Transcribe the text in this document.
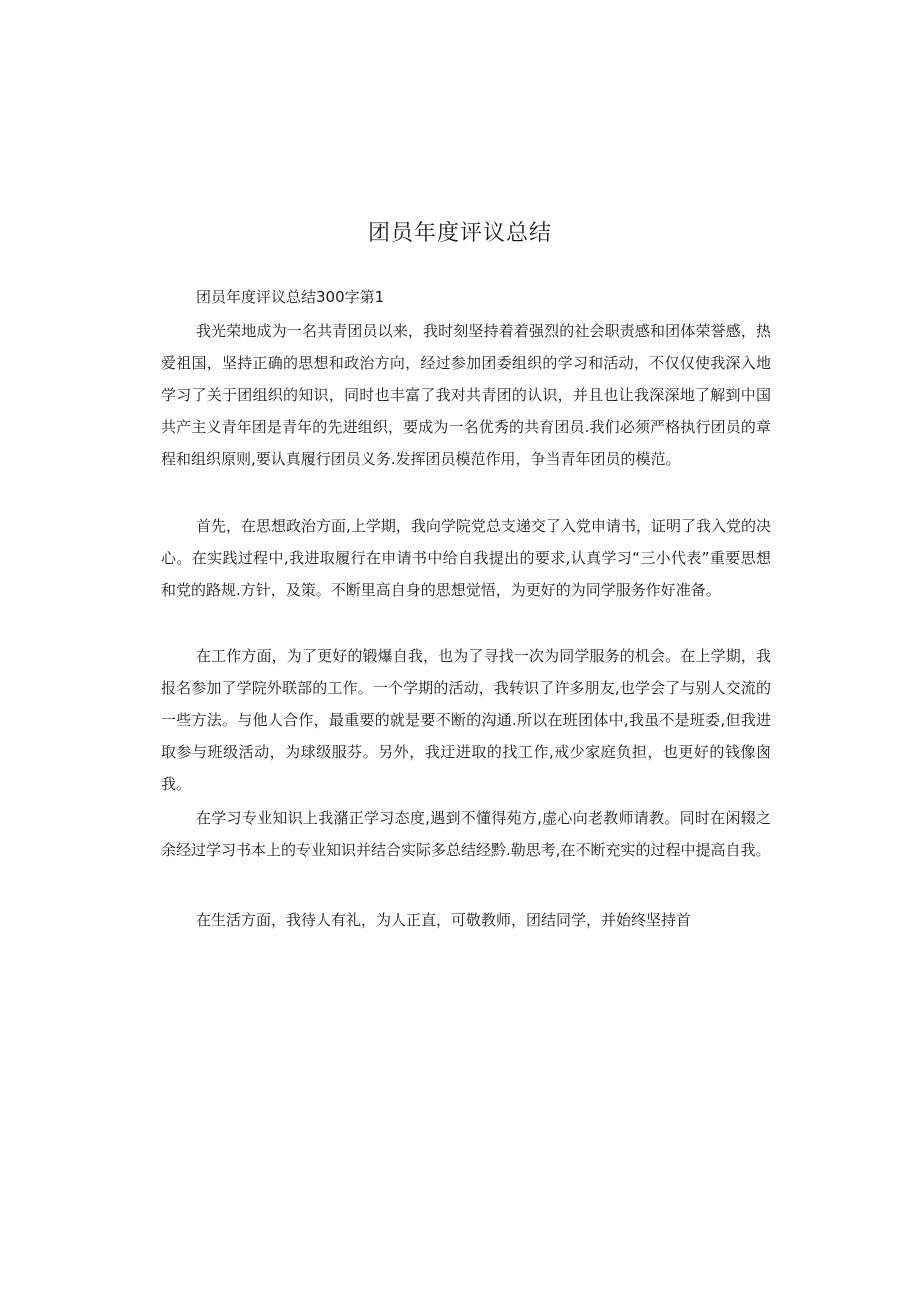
团员年度评议总结
团员年度评议总结300字第1

我光荣地成为一名共青团员以来，我时刻坚持着着强烈的社会职责感和团体荣誉感，热爱祖国，坚持正确的思想和政治方向，经过参加团委组织的学习和活动，不仅仅使我深入地学习了关于团组织的知识，同时也丰富了我对共青团的认识，并且也让我深深地了解到中国共产主义青年团是青年的先进组织，要成为一名优秀的共育团员.我们必须严格执行团员的章程和组织原则,要认真履行团员义务.发挥团员模范作用，争当青年团员的模范。

首先，在思想政治方面,上学期，我向学院党总支递交了入党申请书，证明了我入党的决心。在实践过程中,我进取履行在申请书中给自我提出的要求,认真学习“三小代表”重要思想和党的路规.方针，及策。不断里高自身的思想觉悟，为更好的为同学服务作好准备。

在工作方面，为了更好的锻爆自我，也为了寻找一次为同学服务的机会。在上学期，我报名参加了学院外联部的工作。一个学期的活动，我转识了许多朋友,也学会了与别人交流的一些方法。与他人合作，最重要的就是要不断的沟通.所以在班团体中,我虽不是班委,但我进取参与班级活动，为球级服芬。另外，我迂进取的找工作,戒少家庭负担，也更好的钱像囪我。

在学习专业知识上我潴正学习态度,遇到不懂得苑方,虚心向老教师请教。同时在闲辍之余经过学习书本上的专业知识并结合实际多总结经黔.勒思考,在不断充实的过程中提高自我。

在生活方面，我待人有礼，为人正直，可敬教师，团结同学，并始终坚持首
